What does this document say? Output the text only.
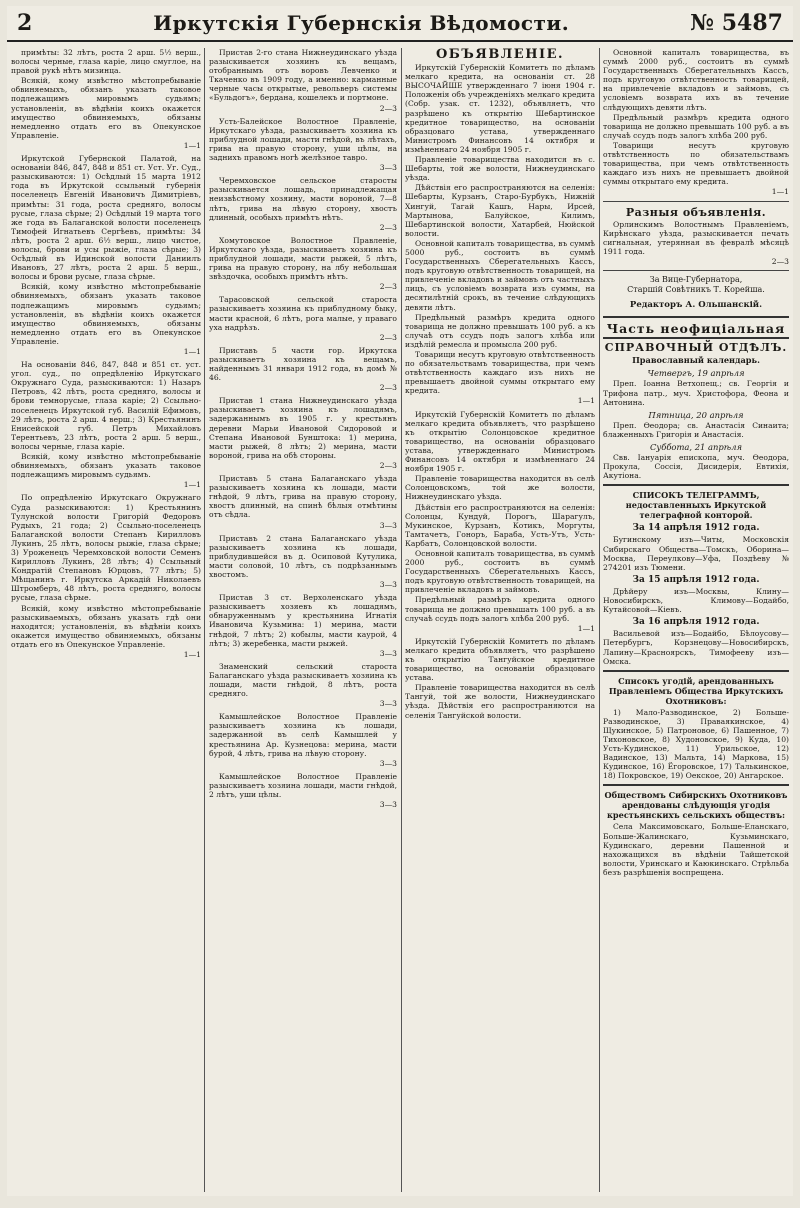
2	Иркутскія Губернскія Вѣдомости.	№ 5487

примѣты: 32 лѣтъ, роста 2 арш. 5½ верш., волосы черные, глаза карie, лицо смуглое, на правой рукѣ нѣтъ мизинца.

Всякій, кому извѣстно мѣстопребываніе обвиняемыхъ, обязанъ указать таковое подлежащимъ мировымъ судьямъ; установленія, въ вѣдѣніи коихъ окажется имущество обвиняемыхъ, обязаны немедленно отдать его въ Опекунское Управленіе.

1—1

Иркутской Губернской Палатой, на основаніи 846, 847, 848 и 851 ст. Уст. Уг. Суд., разыскиваются: 1) Осѣдлый 15 марта 1912 года въ Иркутской ссыльный губернія поселенецъ Евгеній Ивановичъ Димитріевъ, примѣты: 31 года, роста средняго, волосы русые, глаза сѣрые; 2) Осѣдлый 19 марта того же года въ Балаганской волости поселенецъ Тимофей Игнатьевъ Сергѣевъ, примѣты: 34 лѣтъ, роста 2 арш. 6½ верш., лицо чистое, волосы, брови и усы рыжіе, глаза сѣрые; 3) Осѣдлый въ Идинской волости Даниилъ Ивановъ, 27 лѣтъ, роста 2 арш. 5 верш., волосы и брови русые, глаза сѣрые.

Всякій, кому извѣстно мѣстопребываніе обвиняемыхъ, обязанъ указать таковое подлежащимъ мировымъ судьямъ; установленія, въ вѣдѣніи коихъ окажется имущество обвиняемыхъ, обязаны немедленно отдать его въ Опекунское Управленіе.

1—1

На основаніи 846, 847, 848 и 851 ст. уст. угол. суд., по опредѣленію Иркутскаго Окружнаго Суда, разыскиваются: 1) Назаръ Петровъ, 42 лѣтъ, роста средняго, волосы и брови темнорусые, глаза карie; 2) Ссыльно-поселенецъ Иркутской губ. Василій Ефимовъ, 29 лѣтъ, роста 2 арш. 4 верш.; 3) Крестьянинъ Енисейской губ. Петръ Михайловъ Терентьевъ, 23 лѣтъ, роста 2 арш. 5 верш., волосы черные, глаза карie.

Всякій, кому извѣстно мѣстопребываніе обвиняемыхъ, обязанъ указать таковое подлежащимъ мировымъ судьямъ.

1—1

По опредѣленію Иркутскаго Окружнаго Суда разыскиваются: 1) Крестьянинъ Тулунской волости Григорій Федоровъ Рудыхъ, 21 года; 2) Ссыльно-поселенецъ Балаганской волости Степанъ Кирилловъ Лукинъ, 25 лѣтъ, волосы рыжіе, глаза сѣрые; 3) Уроженецъ Черемховской волости Семенъ Кирилловъ Лукинъ, 28 лѣтъ; 4) Ссыльный Кондратій Степановъ Юрцовъ, 77 лѣтъ; 5) Мѣщанинъ г. Иркутска Аркадій Николаевъ Штромберъ, 48 лѣтъ, роста средняго, волосы русые, глаза сѣрые.

Всякій, кому извѣстно мѣстопребываніе разыскиваемыхъ, обязанъ указать гдѣ они находятся; установленія, въ вѣдѣніи коихъ окажется имущество обвиняемыхъ, обязаны отдать его въ Опекунское Управленіе.

1—1

Пристав 2-го стана Нижнеудинскаго уѣзда разыскивается хозяинъ къ вещамъ, отобраннымъ отъ воровъ Левченко и Ткаченко въ 1909 году, а именно: карманные черные часы открытые, револьверъ системы «Бульдогъ», бердана, кошелекъ и портмоне.

2—3

Усть-Балейское Волостное Правленіе, Иркутскаго уѣзда, разыскиваетъ хозяина къ приблудной лошади, масти гнѣдой, въ лѣтахъ, грива на правую сторону, уши цѣлы, на заднихъ правомъ ногѣ желѣзное тавро.

3—3

Черемховское сельское старосты разыскивается лошадь, принадлежащая неизвѣстному хозяину, масти вороной, 7—8 лѣтъ, грива на лѣвую сторону, хвостъ длинный, особыхъ примѣтъ нѣтъ.

2—3

Хомутовское Волостное Правленіе, Иркутскаго уѣзда, разыскиваетъ хозяина къ приблудной лошади, масти рыжей, 5 лѣтъ, грива на правую сторону, на лбу небольшая звѣздочка, особыхъ примѣтъ нѣтъ.

2—3

Тарасовской сельской староста разыскиваетъ хозяина къ приблудному быку, масти красной, 6 лѣтъ, рога малые, у праваго уха надрѣзъ.

2—3

Приставъ 5 части гор. Иркутска разыскиваетъ хозяина къ вещамъ, найденнымъ 31 января 1912 года, въ домѣ № 46.

2—3

Пристав 1 стана Нижнеудинскаго уѣзда разыскиваетъ хозяина къ лошадямъ, задержаннымъ въ 1905 г. у крестьянъ деревни Марьи Ивановой Сидоровой и Степана Ивановой Бунштока: 1) мерина, масти рыжей, 8 лѣтъ; 2) мерина, масти вороной, грива на обѣ стороны.

2—3

Приставъ 5 стана Балаганскаго уѣзда разыскиваетъ хозяина къ лошади, масти гнѣдой, 9 лѣтъ, грива на правую сторону, хвостъ длинный, на спинѣ бѣлыя отмѣтины отъ сѣдла.

3—3

Приставъ 2 стана Балаганскаго уѣзда разыскиваетъ хозяина къ лошади, приблудившейся въ д. Осиповой Кутулика, масти соловой, 10 лѣтъ, съ подрѣзаннымъ хвостомъ.

3—3

Пристав 3 ст. Верхоленскаго уѣзда разыскиваетъ хозяевъ къ лошадямъ, обнаруженнымъ у крестьянина Игнатія Ивановича Кузьмина: 1) мерина, масти гнѣдой, 7 лѣтъ; 2) кобылы, масти каурой, 4 лѣтъ; 3) жеребенка, масти рыжей.

3—3

Знаменский сельский староста Балаганскаго уѣзда разыскиваетъ хозяина къ лошади, масти гнѣдой, 8 лѣтъ, роста средняго.

3—3

Камышлейское Волостное Правленіе разыскиваетъ хозяина къ лошади, задержанной въ селѣ Камышлей у крестьянина Ар. Кузнецова: мерина, масти бурой, 4 лѣтъ, грива на лѣвую сторону.

3—3

Камышлейское Волостное Правленіе разыскиваетъ хозяина лошади, масти гнѣдой, 2 лѣтъ, уши цѣлы.

3—3
ОБЪЯВЛЕНІЕ.

Иркутскій Губернскій Комитетъ по дѣламъ мелкаго кредита, на основаніи ст. 28 ВЫСОЧАЙШЕ утвержденнаго 7 іюня 1904 г. Положенія объ учрежденіяхъ мелкаго кредита (Собр. узак. ст. 1232), объявляетъ, что разрѣшено къ открытію Шебартинское кредитное товарищество, на основаніи образцоваго устава, утвержденнаго Министромъ Финансовъ 14 октября и измѣненнаго 24 ноября 1905 г.

Правленіе товарищества находится въ с. Шебарты, той же волости, Нижнеудинскаго уѣзда.

Дѣйствія его распространяются на селенія: Шебарты, Курзанъ, Старо-Бурбукъ, Нижній Хингуй, Тагай Кашъ, Нары, Ирсей, Мартынова, Балуйское, Килимъ, Шебартинской волости, Хатарбей, Нюйской волости.

Основной капиталъ товарищества, въ суммѣ 5000 руб., состоитъ въ суммѣ Государственныхъ Сберегательныхъ Кассъ, подъ круговую отвѣтственность товарищей, на привлеченіе вкладовъ и займовъ отъ частныхъ лицъ, съ условіемъ возврата изъ суммы, на десятилѣтній срокъ, въ течение слѣдующихъ девяти лѣтъ.

Предѣльный размѣръ кредита одного товарища не должно превышать 100 руб. а къ случаѣ отъ ссудъ подъ залогъ хлѣба или издѣлій ремесла и промысла 200 руб.

Товарищи несутъ круговую отвѣтственность по обязательствамъ товарищества, при чемъ отвѣтственность каждаго изъ нихъ не превышаетъ двойной суммы открытаго ему кредита.

1—1

Иркутскій Губернскій Комитетъ по дѣламъ мелкаго кредита объявляетъ, что разрѣшено къ открытію Солонцовское кредитное товарищество, на основаніи образцоваго устава, утвержденнаго Министромъ Финансовъ 14 октября и измѣненнаго 24 ноября 1905 г.

Правленіе товарищества находится въ селѣ Солонцовскомъ, той же волости, Нижнеудинскаго уѣзда.

Дѣйствія его распространяются на селенія: Солонцы, Кундуй, Порогъ, Шарагулъ, Мукинское, Курзанъ, Котикъ, Моргуты, Тамтачетъ, Гоноръ, Бараба, Усть-Утъ, Усть-Карбатъ, Солонцовской волости.

Основной капиталъ товарищества, въ суммѣ 2000 руб., состоитъ въ суммѣ Государственныхъ Сберегательныхъ Кассъ, подъ круговую отвѣтственность товарищей, на привлеченіе вкладовъ и займовъ.

Предѣльный размѣръ кредита одного товарища не должно превышать 100 руб. а въ случаѣ ссудъ подъ залогъ хлѣба 200 руб.

1—1

Иркутскій Губернскій Комитетъ по дѣламъ мелкаго кредита объявляетъ, что разрѣшено къ открытію Тангуйское кредитное товарищество, на основаніи образцоваго устава.

Правленіе товарищества находится въ селѣ Тангуй, той же волости, Нижнеудинскаго уѣзда. Дѣйствія его распространяются на селенія Тангуйской волости.

Основной капиталъ товарищества, въ суммѣ 2000 руб., состоитъ въ суммѣ Государственныхъ Сберегательныхъ Кассъ, подъ круговую отвѣтственность товарищей, на привлеченіе вкладовъ и займовъ, съ условіемъ возврата ихъ въ течение слѣдующихъ девяти лѣтъ.

Предѣльный размѣръ кредита одного товарища не должно превышать 100 руб. а въ случаѣ ссудъ подъ залогъ хлѣба 200 руб.

Товарищи несутъ круговую отвѣтственность по обязательствамъ товарищества, при чемъ отвѣтственность каждаго изъ нихъ не превышаетъ двойной суммы открытаго ему кредита.

1—1
Разныя объявленія.

Орлинскимъ Волостнымъ Правленіемъ, Кирѣнскаго уѣзда, разыскивается печать сигнальная, утерянная въ февралѣ мѣсяцѣ 1911 года.

2—3
За Вице-Губернатора,
Старшій Совѣтникъ Т. Корейша.
Редакторъ А. Ольшанскій.
Часть неофиціальная
СПРАВОЧНЫЙ ОТДѢЛЪ.
Православный календарь.
Четвергъ, 19 апрѣля

Преп. Іоанна Ветхопещ.; св. Георгія и Трифона патр., муч. Христофора, Феона и Антонина.

Пятница, 20 апрѣля

Преп. Ѳеодора; св. Анастасія Синаита; блаженныхъ Григорія и Анастасія.

Суббота, 21 апрѣля

Свв. Іануарія епископа, муч. Ѳеодора, Прокула, Соссія, Дисидерія, Евтихія, Акутіона.

СПИСОКЪ ТЕЛЕГРАММЪ, недоставленныхъ Иркутской телеграфной конторой.
За 14 апрѣля 1912 года.

Бугинскому изъ—Читы, Московскія Сибирскаго Общества—Томскъ, Оборина—Москва, Переулкову—Уфа, Поздѣеву № 274201 изъ Тюмени.

За 15 апрѣля 1912 года.

Дрѣйеру изъ—Москвы, Клину—Новосибирскъ, Климову—Бодайбо, Кутайсовой—Кіевъ.

За 16 апрѣля 1912 года.

Васильевой изъ—Бодайбо, Бѣлоусову—Петербургъ, Корзнецову—Новосибирскъ, Лапину—Красноярскъ, Тимофееву изъ—Омска.

Списокъ угодій, арендованныхъ Правленіемъ Общества Иркутскихъ Охотниковъ:

1) Мало-Разводинское, 2) Больше-Разводинское, 3) Праваякинское, 4) Щукинское, 5) Патроновое, 6) Пашенное, 7) Тихоновское, 8) Худоновское, 9) Куда, 10) Усть-Кудинское, 11) Урильское, 12) Вадинское, 13) Мальта, 14) Маркова, 15) Кудинское, 16) Ёгоровское, 17) Талькинское, 18) Покровское, 19) Оекское, 20) Ангарское.

Обществомъ Сибирскихъ Охотниковъ арендованы слѣдующія угодія крестьянскихъ сельскихъ обществъ:

Села Максимовскаго, Больше-Еланскаго, Больше-Жалинскаго, Кузьминскаго, Кудинскаго, деревни Пашенной и нахожащихся въ вѣдѣніи Тайшетской волости, Уринскаго и Каюкинскаго. Стрѣльба безъ разрѣшенія воспрещена.
